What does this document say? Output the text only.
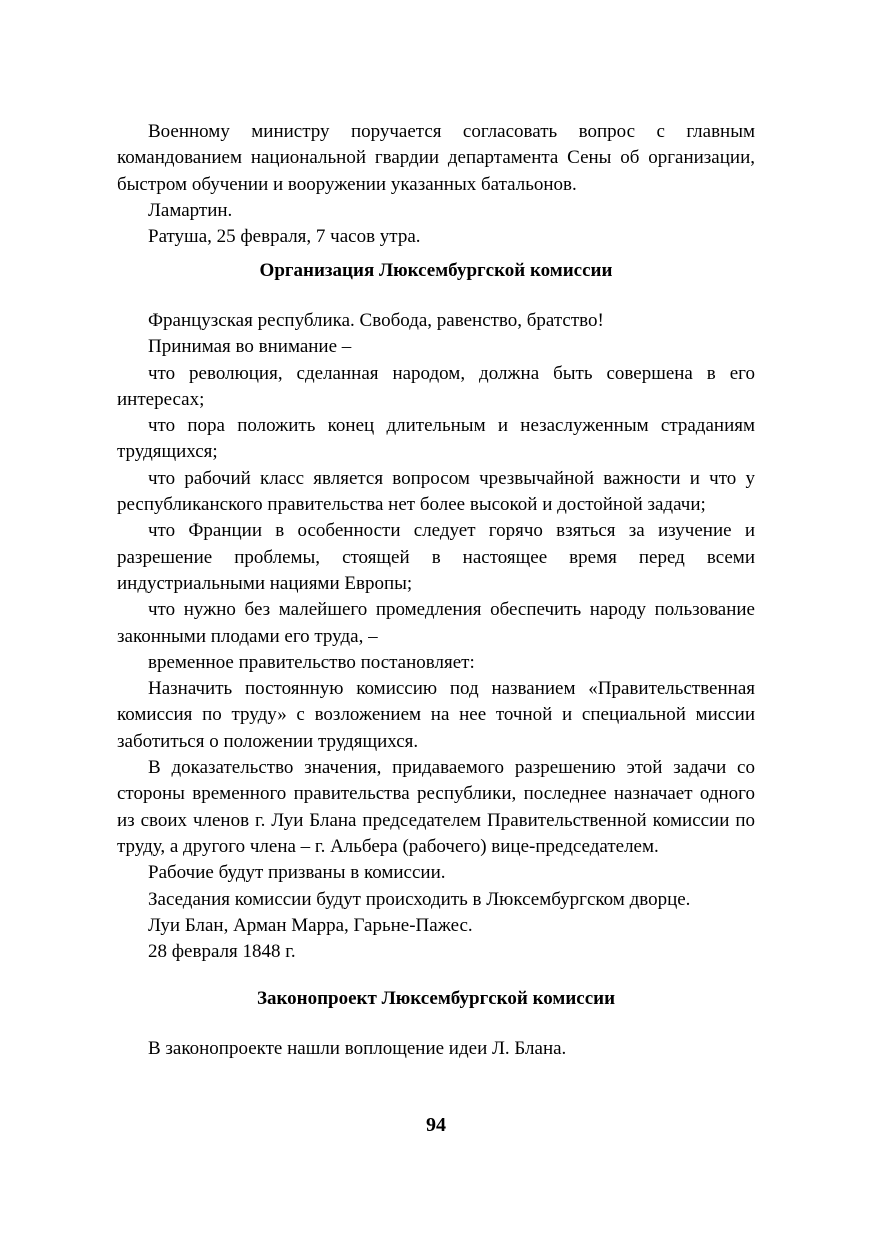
Военному министру поручается согласовать вопрос с главным командованием национальной гвардии департамента Сены об организации, быстром обучении и вооружении указанных батальонов.

Ламартин.

Ратуша, 25 февраля, 7 часов утра.

Организация Люксембургской комиссии

Французская республика. Свобода, равенство, братство!

Принимая во внимание –

что революция, сделанная народом, должна быть совершена в его интересах;

что пора положить конец длительным и незаслуженным страданиям трудящихся;

что рабочий класс является вопросом чрезвычайной важности и что у республиканского правительства нет более высокой и достойной задачи;

что Франции в особенности следует горячо взяться за изучение и разрешение проблемы, стоящей в настоящее время перед всеми индустриальными нациями Европы;

что нужно без малейшего промедления обеспечить народу пользование законными плодами его труда, –

временное правительство постановляет:

Назначить постоянную комиссию под названием «Правительственная комиссия по труду» с возложением на нее точной и специальной миссии заботиться о положении трудящихся.

В доказательство значения, придаваемого разрешению этой задачи со стороны временного правительства республики, последнее назначает одного из своих членов г. Луи Блана председателем Правительственной комиссии по труду, а другого члена – г. Альбера (рабочего) вице-председателем.

Рабочие будут призваны в комиссии.

Заседания комиссии будут происходить в Люксембургском дворце.

Луи Блан, Арман Марра, Гарьне-Пажес.

28 февраля 1848 г.

Законопроект Люксембургской комиссии

В законопроекте нашли воплощение идеи Л. Блана.

94
